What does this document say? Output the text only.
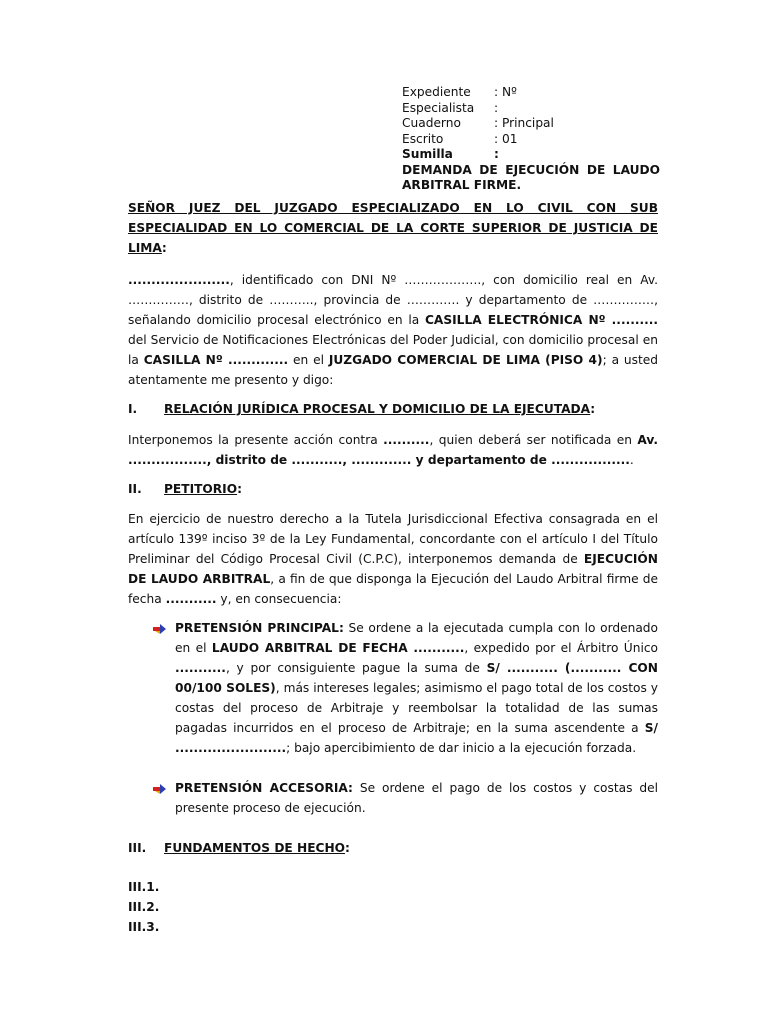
Expediente	: Nº
Especialista	:
Cuaderno	: Principal
Escrito	: 01
Sumilla	:
DEMANDA DE EJECUCIÓN DE LAUDO ARBITRAL FIRME.
SEÑOR JUEZ DEL JUZGADO ESPECIALIZADO EN LO CIVIL CON SUB ESPECIALIDAD EN LO COMERCIAL DE LA CORTE SUPERIOR DE JUSTICIA DE LIMA:
......................, identificado con DNI Nº ………………., con domicilio real en Av. ……………, distrito de ……….., provincia de …………. y departamento de ……………, señalando domicilio procesal electrónico en la CASILLA ELECTRÓNICA Nº .......... del Servicio de Notificaciones Electrónicas del Poder Judicial, con domicilio procesal en la CASILLA Nº ............. en el JUZGADO COMERCIAL DE LIMA (PISO 4); a usted atentamente me presento y digo:
I. RELACIÓN JURÍDICA PROCESAL Y DOMICILIO DE LA EJECUTADA:
Interponemos la presente acción contra .........., quien deberá ser notificada en Av. ................., distrito de ..........., ............. y departamento de ..................
II. PETITORIO:
En ejercicio de nuestro derecho a la Tutela Jurisdiccional Efectiva consagrada en el artículo 139º inciso 3º de la Ley Fundamental, concordante con el artículo I del Título Preliminar del Código Procesal Civil (C.P.C), interponemos demanda de EJECUCIÓN DE LAUDO ARBITRAL, a fin de que disponga la Ejecución del Laudo Arbitral firme de fecha ........... y, en consecuencia:
PRETENSIÓN PRINCIPAL: Se ordene a la ejecutada cumpla con lo ordenado en el LAUDO ARBITRAL DE FECHA ..........., expedido por el Árbitro Único ..........., y por consiguiente pague la suma de S/ ........... (........... CON 00/100 SOLES), más intereses legales; asimismo el pago total de los costos y costas del proceso de Arbitraje y reembolsar la totalidad de las sumas pagadas incurridos en el proceso de Arbitraje; en la suma ascendente a S/ ........................; bajo apercibimiento de dar inicio a la ejecución forzada.
PRETENSIÓN ACCESORIA: Se ordene el pago de los costos y costas del presente proceso de ejecución.
III. FUNDAMENTOS DE HECHO:
III.1.
III.2.
III.3.
